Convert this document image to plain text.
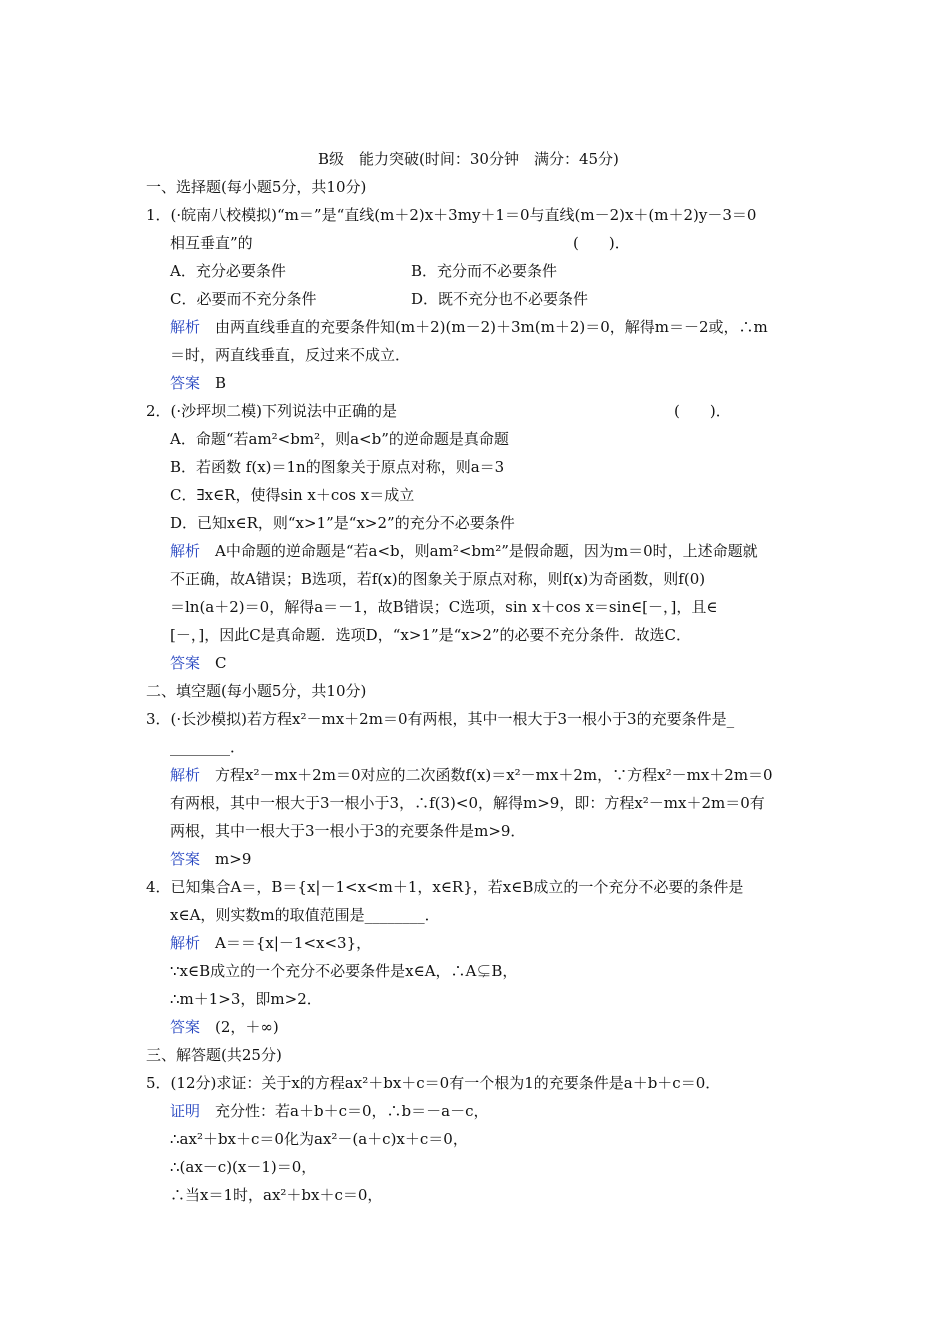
B级　能力突破(时间：30分钟　满分：45分)
一、选择题(每小题5分，共10分)
1．(·皖南八校模拟)“m＝”是“直线(m＋2)x＋3my＋1＝0与直线(m－2)x＋(m＋2)y－3＝0
相互垂直”的	(　　)．
A．充分必要条件	B．充分而不必要条件
C．必要而不充分条件	D．既不充分也不必要条件
解析　 由两直线垂直的充要条件知(m＋2)(m－2)＋3m(m＋2)＝0，解得m＝－2或，∴m
＝时，两直线垂直，反过来不成立．
答案　 B
2．(·沙坪坝二模)下列说法中正确的是	(　　)．
A．命题“若am²<bm²，则a<b”的逆命题是真命题
B．若函数 f(x)＝1n的图象关于原点对称，则a＝3
C．∃x∈R，使得sin x＋cos x＝成立
D．已知x∈R，则“x>1”是“x>2”的充分不必要条件
解析　 A中命题的逆命题是“若a<b，则am²<bm²”是假命题，因为m＝0时，上述命题就
不正确，故A错误；B选项，若f(x)的图象关于原点对称，则f(x)为奇函数，则f(0)
＝ln(a＋2)＝0，解得a＝－1，故B错误；C选项，sin x＋cos x＝sin∈[－，]，且∈
[－，]，因此C是真命题．选项D，“x>1”是“x>2”的必要不充分条件．故选C．
答案　 C
二、填空题(每小题5分，共10分)
3．(·长沙模拟)若方程x²－mx＋2m＝0有两根，其中一根大于3一根小于3的充要条件是_
________．
解析　 方程x²－mx＋2m＝0对应的二次函数f(x)＝x²－mx＋2m，∵方程x²－mx＋2m＝0
有两根，其中一根大于3一根小于3，∴f(3)<0，解得m>9，即：方程x²－mx＋2m＝0有
两根，其中一根大于3一根小于3的充要条件是m>9．
答案　 m>9
4．已知集合A＝，B＝{x|－1<x<m＋1，x∈R}，若x∈B成立的一个充分不必要的条件是
x∈A，则实数m的取值范围是________．
解析　 A＝＝{x|－1<x<3}，
∵x∈B成立的一个充分不必要条件是x∈A，∴A⊊B，
∴m＋1>3，即m>2．
答案　 (2，＋∞)
三、解答题(共25分)
5．(12分)求证：关于x的方程ax²＋bx＋c＝0有一个根为1的充要条件是a＋b＋c＝0．
证明　 充分性：若a＋b＋c＝0，∴b＝－a－c，
∴ax²＋bx＋c＝0化为ax²－(a＋c)x＋c＝0，
∴(ax－c)(x－1)＝0，
∴当x＝1时，ax²＋bx＋c＝0，
